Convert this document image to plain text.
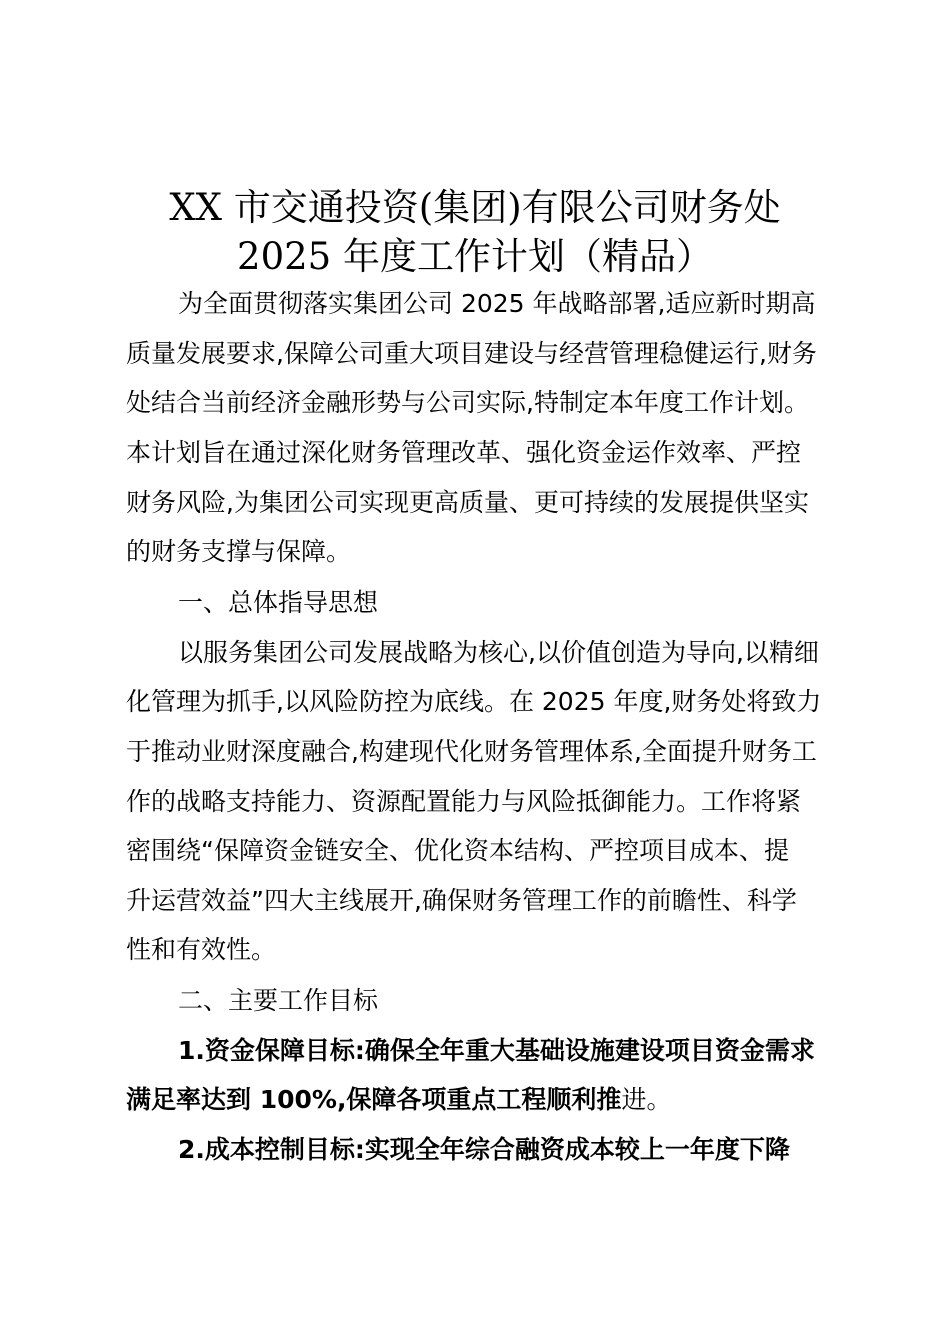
XX 市交通投资(集团)有限公司财务处
2025 年度工作计划（精品）
为全面贯彻落实集团公司 2025 年战略部署,适应新时期高
质量发展要求,保障公司重大项目建设与经营管理稳健运行,财务
处结合当前经济金融形势与公司实际,特制定本年度工作计划。
本计划旨在通过深化财务管理改革、强化资金运作效率、严控
财务风险,为集团公司实现更高质量、更可持续的发展提供坚实
的财务支撑与保障。
一、总体指导思想
以服务集团公司发展战略为核心,以价值创造为导向,以精细
化管理为抓手,以风险防控为底线。在 2025 年度,财务处将致力
于推动业财深度融合,构建现代化财务管理体系,全面提升财务工
作的战略支持能力、资源配置能力与风险抵御能力。工作将紧
密围绕“保障资金链安全、优化资本结构、严控项目成本、提
升运营效益”四大主线展开,确保财务管理工作的前瞻性、科学
性和有效性。
二、主要工作目标
1.资金保障目标:确保全年重大基础设施建设项目资金需求
满足率达到 100%,保障各项重点工程顺利推进。
2.成本控制目标:实现全年综合融资成本较上一年度下降
